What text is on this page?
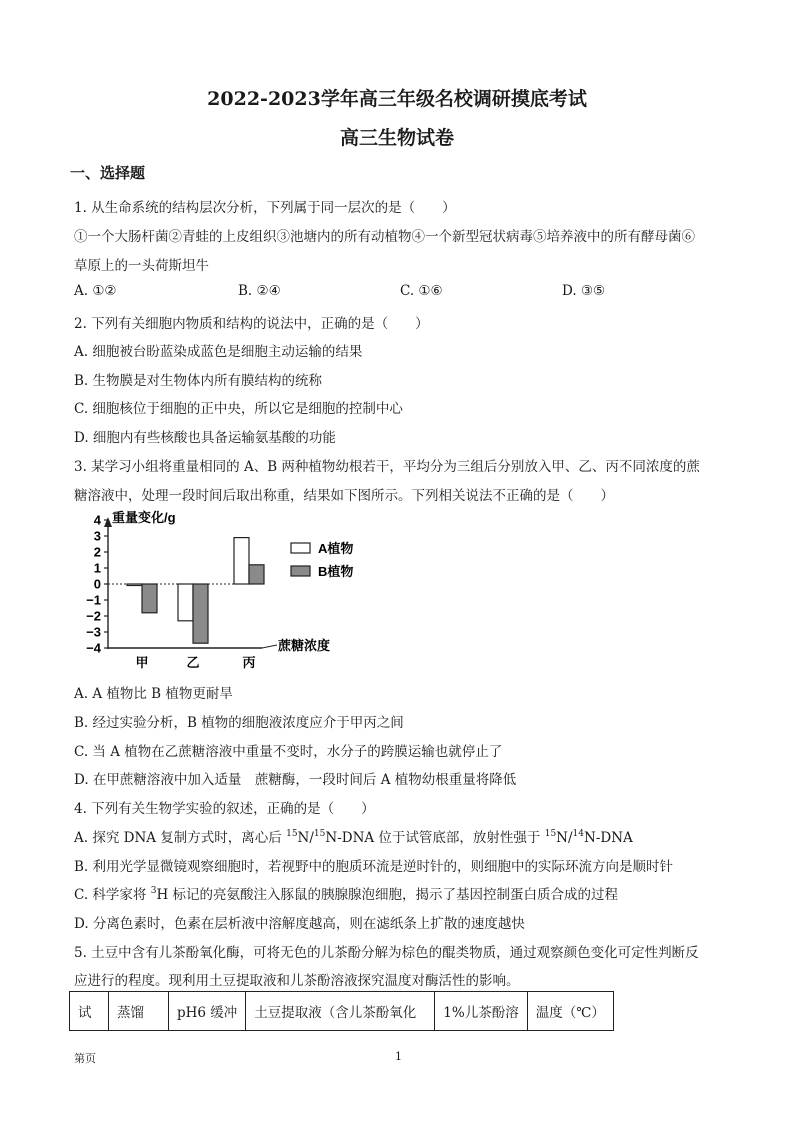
2022-2023学年高三年级名校调研摸底考试
高三生物试卷
一、选择题
1. 从生命系统的结构层次分析，下列属于同一层次的是（　　）
①一个大肠杆菌②青蛙的上皮组织③池塘内的所有动植物④一个新型冠状病毒⑤培养液中的所有酵母菌⑥
草原上的一头荷斯坦牛
A. ①②	B. ②④	C. ①⑥	D. ③⑤
2. 下列有关细胞内物质和结构的说法中，正确的是（　　）
A. 细胞被台盼蓝染成蓝色是细胞主动运输的结果
B. 生物膜是对生物体内所有膜结构的统称
C. 细胞核位于细胞的正中央，所以它是细胞的控制中心
D. 细胞内有些核酸也具备运输氨基酸的功能
3. 某学习小组将重量相同的 A、B 两种植物幼根若干，平均分为三组后分别放入甲、乙、丙不同浓度的蔗
糖溶液中，处理一段时间后取出称重，结果如下图所示。下列相关说法不正确的是（　　）
重量变化/g
4
3
2
1
0
−1
−2
−3
−4	蔗糖浓度
甲	乙	丙
A植物
B植物
A. A 植物比 B 植物更耐旱
B. 经过实验分析，B 植物的细胞液浓度应介于甲丙之间
C. 当 A 植物在乙蔗糖溶液中重量不变时，水分子的跨膜运输也就停止了
D. 在甲蔗糖溶液中加入适量　蔗糖酶，一段时间后 A 植物幼根重量将降低
4. 下列有关生物学实验的叙述，正确的是（　　）
A. 探究 DNA 复制方式时，离心后 $^{15}$N/$^{15}$N-DNA 位于试管底部，放射性强于 $^{15}$N/$^{14}$N-DNA
B. 利用光学显微镜观察细胞时，若视野中的胞质环流是逆时针的，则细胞中的实际环流方向是顺时针
C. 科学家将 $^3$H 标记的亮氨酸注入豚鼠的胰腺腺泡细胞，揭示了基因控制蛋白质合成的过程
D. 分离色素时，色素在层析液中溶解度越高，则在滤纸条上扩散的速度越快
5. 土豆中含有儿茶酚氧化酶，可将无色的儿茶酚分解为棕色的醌类物质，通过观察颜色变化可定性判断反
应进行的程度。现利用土豆提取液和儿茶酚溶液探究温度对酶活性的影响。
试	蒸馏	pH6 缓冲	土豆提取液（含儿茶酚氧化	1%儿茶酚溶	温度（℃）
第页	1
